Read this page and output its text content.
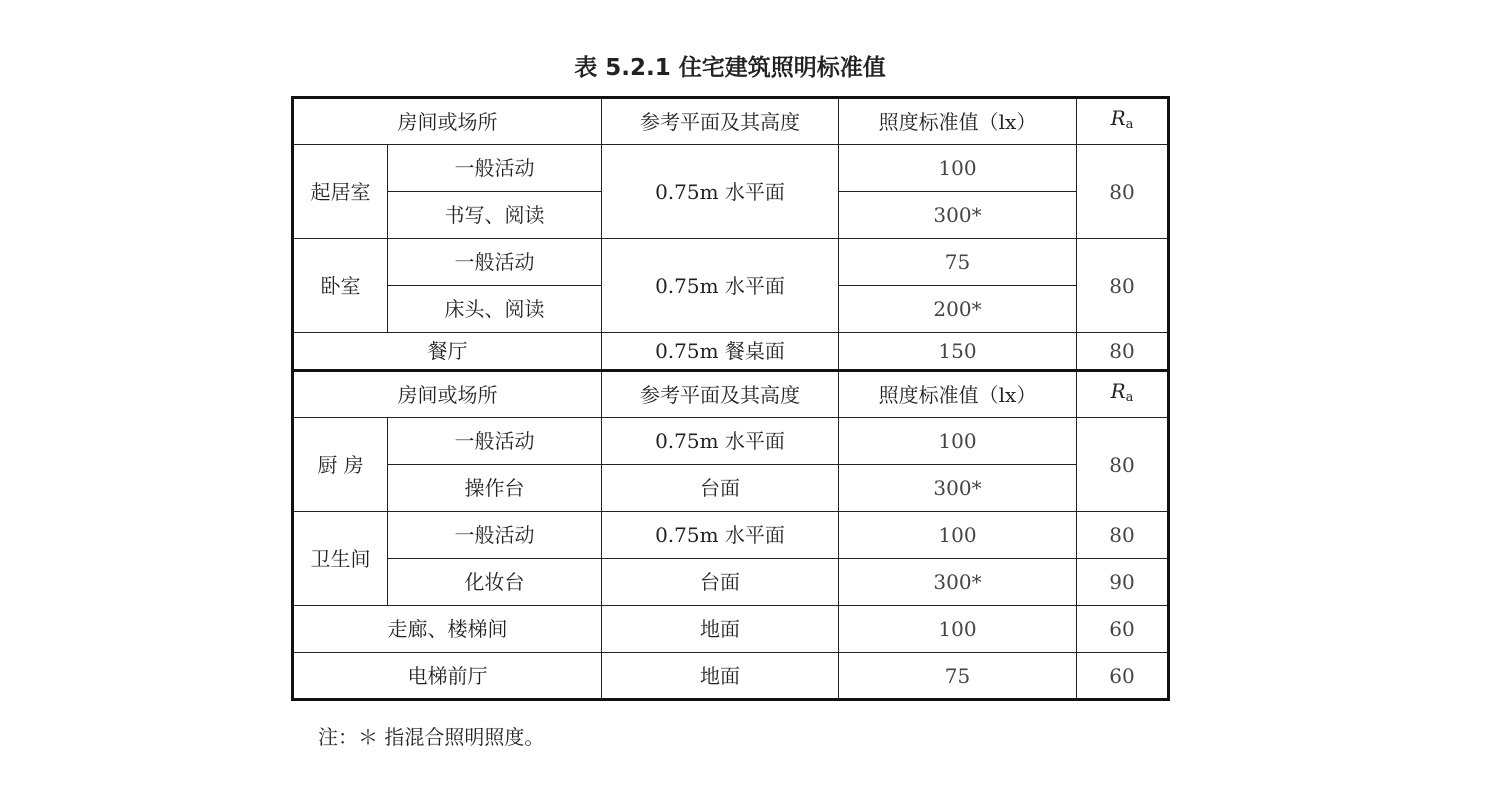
表 5.2.1 住宅建筑照明标准值
房间或场所		参考平面及其高度	照度标准值（lx）	$R_a$
起居室	一般活动	0.75m 水平面	100	80
	书写、阅读		300*	
卧室	一般活动	0.75m 水平面	75	80
	床头、阅读		200*	
餐厅		0.75m 餐桌面	150	80
房间或场所		参考平面及其高度	照度标准值（lx）	$R_a$
厨 房	一般活动	0.75m 水平面	100	80
	操作台	台面	300*	
卫生间	一般活动	0.75m 水平面	100	80
	化妆台	台面	300*	90
走廊、楼梯间		地面	100	60
电梯前厅		地面	75	60
注：＊ 指混合照明照度。
